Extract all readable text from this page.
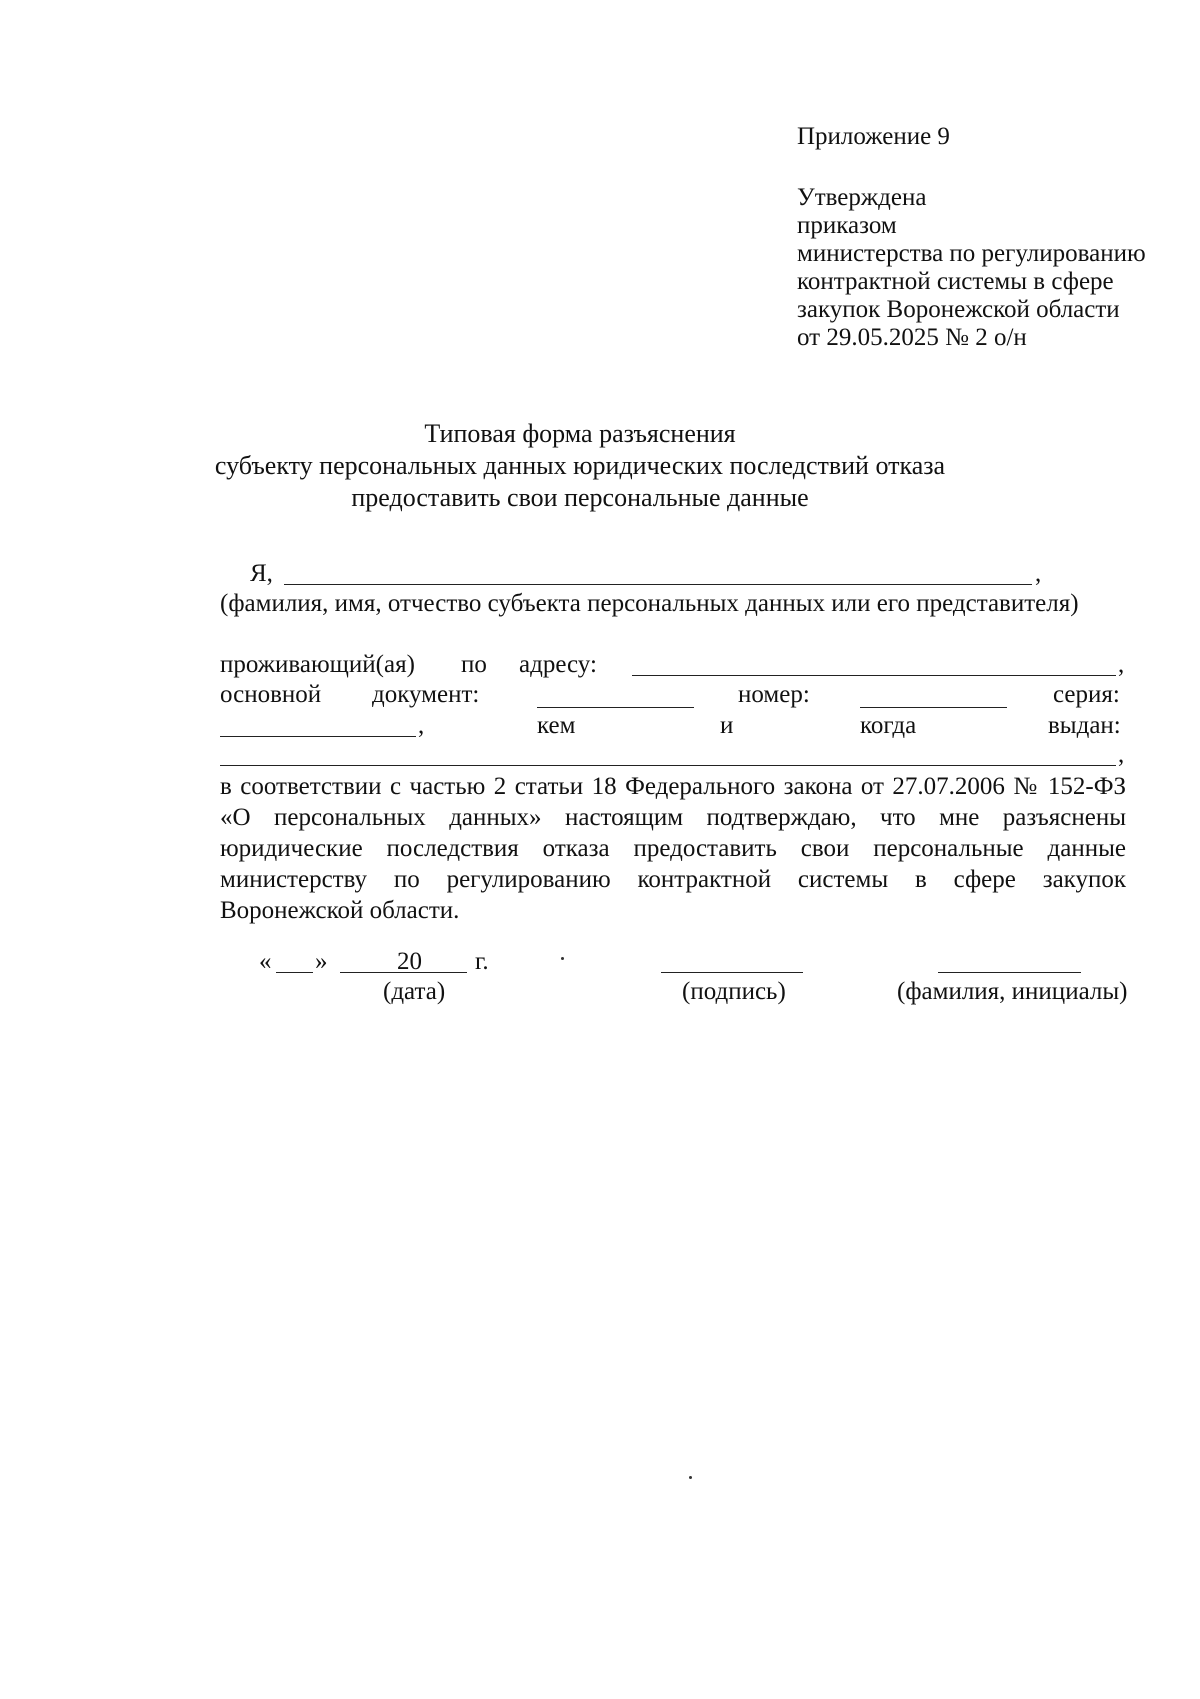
Приложение 9
Утверждена
приказом
министерства по регулированию
контрактной системы в сфере
закупок Воронежской области
от 29.05.2025 № 2 о/н
Типовая форма разъяснения
субъекту персональных данных юридических последствий отказа
предоставить свои персональные данные
Я,	,
(фамилия, имя, отчество субъекта персональных данных или его представителя)
проживающий(ая) по адресу:	,
основной документ:	номер:	серия:
,	кем	и	когда	выдан:
,
в соответствии с частью 2 статьи 18 Федерального закона от 27.07.2006 № 152-ФЗ «О персональных данных» настоящим подтверждаю, что мне разъяснены юридические последствия отказа предоставить свои персональные данные министерству по регулированию контрактной системы в сфере закупок Воронежской области.
« »	20 г.
(дата)	(подпись)	(фамилия, инициалы)
